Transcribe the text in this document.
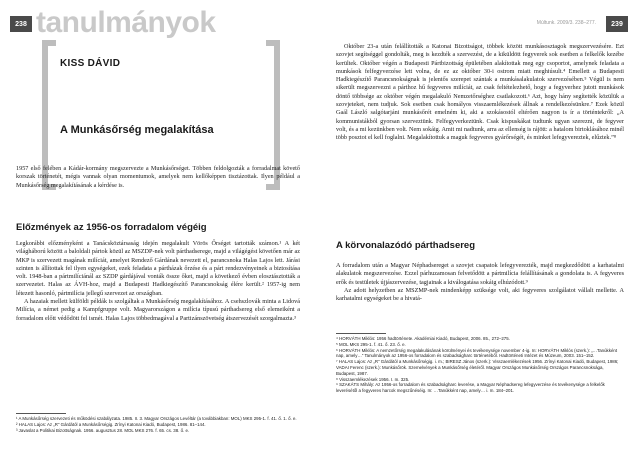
238 tanulmányok
KISS DÁVID
A Munkásőrség megalakítása

1957 első felében a Kádár-kormány megszervezte a Munkásőrséget. Többen feldolgozták a forradalmat követő korszak történetét, mégis vannak olyan momentumok, amelyek nem kellőképpen tisztázottak. Ilyen például a Munkásőrség megalakításának a kérdése is.

Előzmények az 1956-os forradalom végéig

Legkorábbi előzményként a Tanácsköztársaság idején megalakult Vörös Őrséget tartották számon.¹ A két világháború között a baloldali pártok közül az MSZDP-nek volt párthadserege, majd a világégést követően már az MKP is szervezett magának milíciát, amelyet Rendező Gárdának nevezett el, parancsnoka Halas Lajos lett. Járási szinten is állítottak fel ilyen egységeket, ezek feladata a pártházak őrzése és a párt rendezvényeinek a biztosítása volt. 1948-ban a pártmilíciánál az SZDP gárdájával vonták össze őket, majd a következő évben elosztásztották a szervezetet. Halas az ÁVH-hoz, majd a Budapesti Hadkiegészítő Parancsnokság élére került.² 1957-ig nem létezett hasonló, pártmilícia jellegű szervezet az országban.

A hazaiak mellett külföldi példák is szolgáltak a Munkásőrség megalakításához. A csehszlovák minta a Lidová Milícia, a német pedig a Kampfgruppe volt. Magyarországon a milícia típusú párthadsereg első elemeiként a forradalom előtt védődött fel ismét. Halas Lajos többedmagával a Partizánszövetség átszervezését szorgalmazta.³

¹ A Munkásőrség szervezeti és működési szabályzata. 1985. II. 3. Magyar Országos Levéltár (a továbbiakban: MOL) MKS 295-1. f. 41. ő. 1. ő. e.
² HALAS Lajos: Az „R” Gárdától a Munkásőrségig. Zrínyi Katonai Kiadó, Budapest, 1986. 81–144.
³ Javaslat a Politikai Bizottságnak. 1956. augusztus 28. MOL MKS 276. f. 65. cs. 38. ő. e.
Múltunk. 2009/3. 238–277.	239

Október 23-a után felállították a Katonai Bizottságot, többek között munkásosztagok megszervezésére. Ezt szovjet segítséggel gondolták, meg is kezdték a szervezést, de a kiküldött fegyverek sok esetben a felkelők kezébe kerültek. Október végén a Budapesti Pártbizottság épületében alakítottak meg egy csoportot, amelynek feladata a munkások felfegyverzése lett volna, de ez az október 30-i ostrom miatt meghiúsult.⁴ Emellett a Budapesti Hadkiegészítő Parancsnokságnak is jelentős szerepet szántak a munkásalakulatok szervezésében.⁵ Végül is nem sikerült megszervezni a párthoz hű fegyveres milíciát, az csak feltételezhető, hogy a fegyverhez jutott munkások döntő többsége az október végén megalakuló Nemzetőrséghez csatlakozott.⁶ Azt, hogy hány segítették közülük a szovjeteket, nem tudjuk. Sok esetben csak homályos visszaemlékezések állnak a rendelkezésünkre.⁷ Ezek közül Gaál László salgótarjáni munkásőrét emelném ki, aki a szokásostól eltérően nagyon is ír a történtekről: „A kommunistákból gyorsan szerveztünk. Felfegyverkeztünk. Csak kispuskákat tudtunk ugyan szerezni, de fegyver volt, és a mi kezünkben volt. Nem sokáig. Amit mi nadtunk, arra az ellenség is rájött: a hatalom birtoklásához minél több posztot el kell foglalni. Megalakítottuk a maguk fegyveres gyárőrségét, és minket lefegyvereztek, elűztek.”⁸

A körvonalazódó párthadsereg

A forradalom után a Magyar Néphadsereget a szovjet csapatok lefegyverezték, majd megkezdődött a karhatalmi alakulatok megszervezése. Ezzel párhuzamosan felvetődött a pártmilícia felállításának a gondolata is. A fegyveres erők és testületek újjászervezése, tagjainak a kiválogatása sokáig elhúzódott.⁹

Az adott helyzetben az MSZMP-nek mindenképp szüksége volt, aki fegyveres szolgálatot vállalt mellette. A karhatalmi egységeket be a hivatá-

⁴ HORVÁTH Miklós: 1956 hadtörténete. Akadémiai Kiadó, Budapest, 2006. 85., 272–275.
⁵ MOL MKS 295-1. f. 41. ő. 23. ő. e.
⁶ HORVÁTH Miklós: A nemzetőrség megalakulásának körülményei és tevékenysége november 4-ig. In: HORVÁTH Miklós (szerk.): „…Tanúkként nap, amely…” Tanulmányok az 1956-os forradalom és szabadságharc történetéből. Hadtörténeti Intézet és Múzeum, 2003. 151–152.
⁷ HALAS Lajos: Az „R” Gárdától a Munkásőrségig. i. m.; BIRESZ János (szerk.): Visszaemlékezések 1956. Zrínyi Katonai Kiadó, Budapest, 1986; VADAI Ferenc (szerk.): Munkásőrök. Szemelvények a Munkásőrség életéről. Magyar Országos Munkásőrség Országos Parancsnoksága, Budapest, 1987.
⁸ Visszaemlékezések 1956. I. m. 325.
⁹ SZAKÁTS Mihály: Az 1956-os forradalom és szabadságharc leverése, a Magyar Néphadsereg lefegyverzése és tevékenysége a felkelők leverésétől a fegyveres harcok megszűnéséig. In: …Tanúkként nap, amely… i. m. 184–201.
